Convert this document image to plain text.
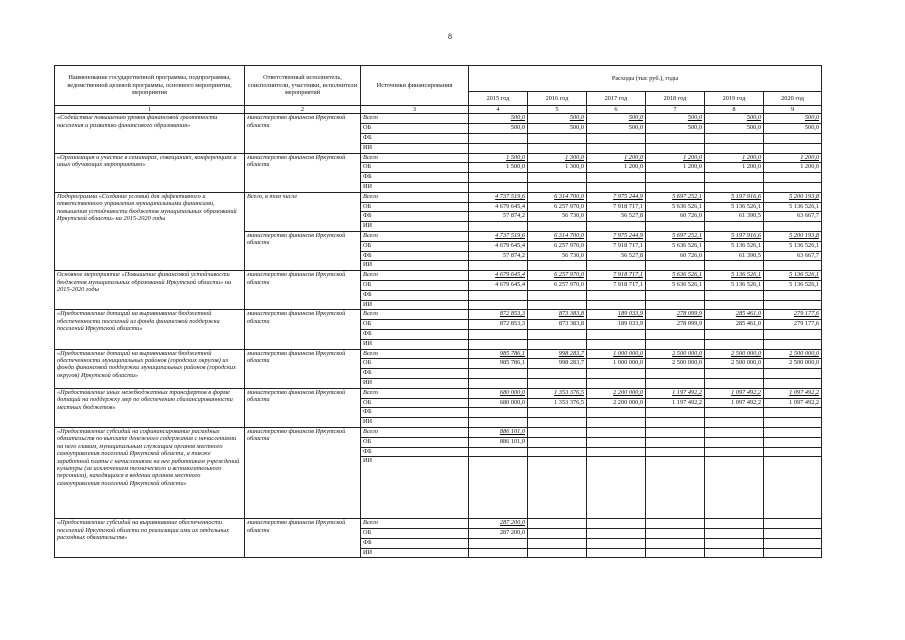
8
Наименование государственной программы, подпрограммы, ведомственной целевой программы, основного мероприятия, мероприятия	Ответственный исполнитель, соисполнители, участники, исполнители мероприятий	Источники финансирования	Расходы (тыс руб.), годы					
			2015 год	2016 год	2017 год	2018 год	2019 год	2020 год
1	2	3	4	5	6	7	8	9
«Содействие повышению уровня финансовой грамотности населения и развитию финансового образования»	министерство финансов Иркутской области	Всего	500,0	500,0	500,0	500,0	500,0	500,0
		ОБ	500,0	500,0	500,0	500,0	500,0	500,0
		ФБ						
		ИИ						
«Организация и участие в семинарах, совещаниях, конференциях и иных обучающих мероприятиях»	министерство финансов Иркутской области	Всего	1 500,0	1 300,0	1 200,0	1 200,0	1 200,0	1 200,0
		ОБ	1 500,0	1 300,0	1 200,0	1 200,0	1 200,0	1 200,0
		ФБ						
		ИИ						
Подпрограмма «Создание условий для эффективного и ответственного управления муниципальными финансами, повышения устойчивости бюджетов муниципальных образований Иркутской области» на 2015-2020 годы	Всего, в том числе	Всего	4 737 519,6	6 314 700,0	7 975 244,9	5 697 252,1	5 197 916,6	5 200 193,8
		ОБ	4 679 645,4	6 257 970,0	7 918 717,1	5 636 526,1	5 136 526,1	5 136 526,1
		ФБ	57 874,2	56 730,0	56 527,8	60 726,0	61 390,5	63 667,7
		ИИ						
	министерство финансов Иркутской области	Всего	4 737 519,6	6 314 700,0	7 975 244,9	5 697 252,1	5 197 916,6	5 200 193,8
		ОБ	4 679 645,4	6 257 970,0	7 918 717,1	5 636 526,1	5 136 526,1	5 136 526,1
		ФБ	57 874,2	56 730,0	56 527,8	60 726,0	61 390,5	63 667,7
		ИИ						
Основное мероприятие «Повышение финансовой устойчивости бюджетов муниципальных образований Иркутской области» на 2015-2020 годы	министерство финансов Иркутской области	Всего	4 679 645,4	6 257 970,0	7 918 717,1	5 636 526,1	5 136 526,1	5 136 526,1
		ОБ	4 679 645,4	6 257 970,0	7 918 717,1	5 636 526,1	5 136 526,1	5 136 526,1
		ФБ						
		ИИ						
«Предоставление дотаций на выравнивание бюджетной обеспеченности поселений из фонда финансовой поддержки поселений Иркутской области»	министерство финансов Иркутской области	Всего	872 853,3	873 383,8	189 033,9	278 099,9	285 461,0	279 177,6
		ОБ	872 853,3	873 383,8	189 033,9	278 099,9	285 461,0	279 177,6
		ФБ						
		ИИ						
«Предоставление дотаций на выравнивание бюджетной обеспеченности муниципальных районов (городских округов) из фонда финансовой поддержки муниципальных районов (городских округов) Иркутской области»	министерство финансов Иркутской области	Всего	985 786,1	998 283,7	1 000 000,0	2 500 000,0	2 500 000,0	2 500 000,0
		ОБ	985 786,1	998 283,7	1 000 000,0	2 500 000,0	2 500 000,0	2 500 000,0
		ФБ						
		ИИ						
«Предоставление иных межбюджетных трансфертов в форме дотаций на поддержку мер по обеспечению сбалансированности местных бюджетов»	министерство финансов Иркутской области	Всего	680 000,0	1 353 376,5	2 200 000,0	1 197 492,2	1 097 492,2	1 097 492,2
		ОБ	680 000,0	1 353 376,5	2 200 000,0	1 197 492,2	1 097 492,2	1 097 492,2
		ФБ						
		ИИ						
«Предоставление субсидий на софинансирование расходных обязательств по выплате денежного содержания с начислениями на него главам, муниципальным служащим органов местного самоуправления поселений Иркутской области, а также заработной платы с начислениями на нее работникам учреждений культуры (за исключением технического и вспомогательного персонала), находящихся в ведении органов местного самоуправления поселений Иркутской области»	министерство финансов Иркутской области	Всего	886 101,0					
		ОБ	886 101,0					
		ФБ						
		ИИ						
«Предоставление субсидий на выравнивание обеспеченности поселений Иркутской области по реализации ими их отдельных расходных обязательств»	министерство финансов Иркутской области	Всего	287 200,0					
		ОБ	287 200,0					
		ФБ						
		ИИ						
